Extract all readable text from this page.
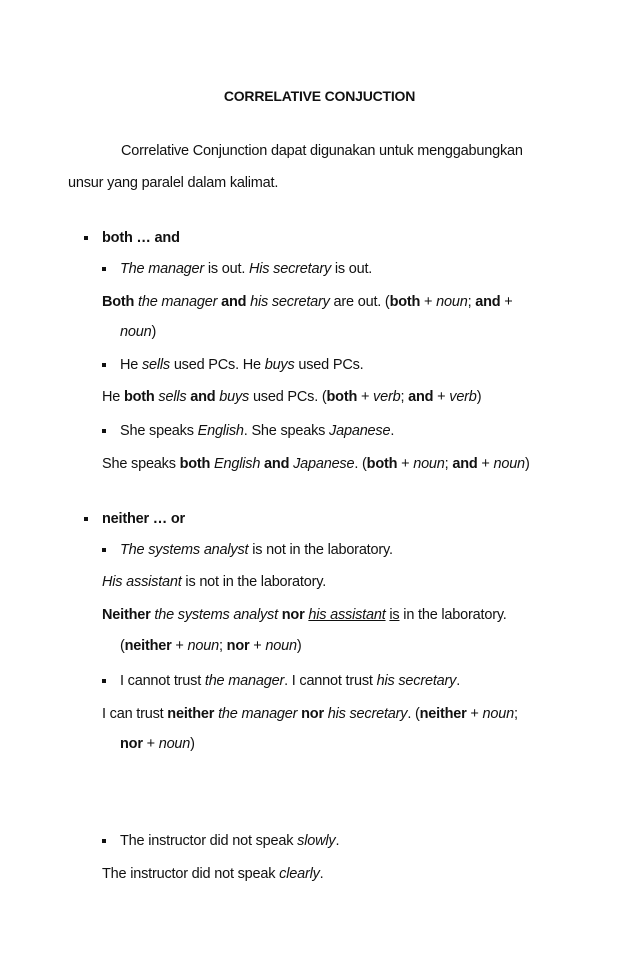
CORRELATIVE CONJUCTION
Correlative Conjunction dapat digunakan untuk menggabungkan
unsur yang paralel dalam kalimat.
both … and
The manager is out. His secretary is out.
Both the manager and his secretary are out. (both + noun; and +
noun)
He sells used PCs. He buys used PCs.
He both sells and buys used PCs. (both + verb; and + verb)
She speaks English. She speaks Japanese.
She speaks both English and Japanese. (both + noun; and + noun)
neither … or
The systems analyst is not in the laboratory.
His assistant is not in the laboratory.
Neither the systems analyst nor his assistant is in the laboratory.
(neither + noun; nor + noun)
I cannot trust the manager. I cannot trust his secretary.
I can trust neither the manager nor his secretary. (neither + noun;
nor + noun)
The instructor did not speak slowly.
The instructor did not speak clearly.
